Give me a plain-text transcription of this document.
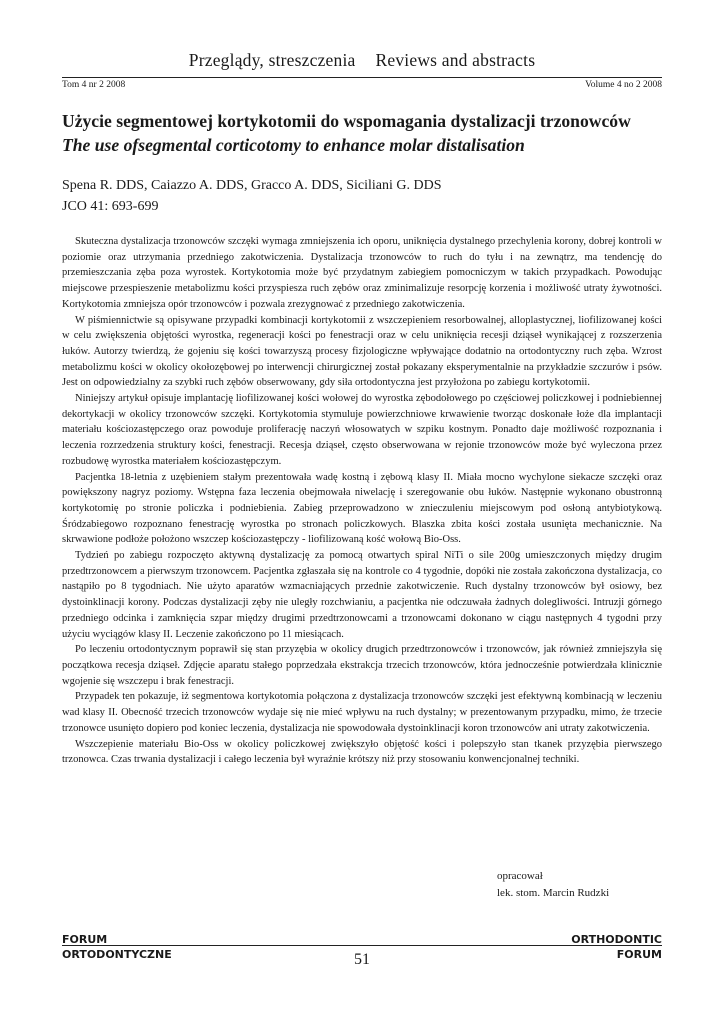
Przeglądy, streszczenia Reviews and abstracts
Tom 4 nr 2 2008	Volume 4 no 2 2008
Użycie segmentowej kortykotomii do wspomagania dystalizacji trzonowców
The use ofsegmental corticotomy to enhance molar distalisation
Spena R. DDS, Caiazzo A. DDS, Gracco A. DDS, Siciliani G. DDS
JCO 41: 693-699

Skuteczna dystalizacja trzonowców szczęki wymaga zmniejszenia ich oporu, uniknięcia dystalnego przechylenia korony, dobrej kontroli w poziomie oraz utrzymania przedniego zakotwiczenia. Dystalizacja trzonowców to ruch do tyłu i na zewnątrz, ma tendencję do przemieszczania zęba poza wyrostek. Kortykotomia może być przydatnym zabiegiem pomocniczym w takich przypadkach. Powodując miejscowe przespieszenie metabolizmu kości przyspiesza ruch zębów oraz zminimalizuje resorpcję korzenia i możliwość utraty żywotności. Kortykotomia zmniejsza opór trzonowców i pozwala zrezygnować z przedniego zakotwiczenia.

W piśmiennictwie są opisywane przypadki kombinacji kortykotomii z wszczepieniem resorbowalnej, alloplastycznej, liofilizowanej kości w celu zwiększenia objętości wyrostka, regeneracji kości po fenestracji oraz w celu uniknięcia recesji dziąseł wynikającej z rozszerzenia łuków. Autorzy twierdzą, że gojeniu się kości towarzyszą procesy fizjologiczne wpływające dodatnio na ortodontyczny ruch zęba. Wzrost metabolizmu kości w okolicy okołozębowej po interwencji chirurgicznej został pokazany eksperymentalnie na przykładzie szczurów i psów. Jest on odpowiedzialny za szybki ruch zębów obserwowany, gdy siła ortodontyczna jest przyłożona po zabiegu kortykotomii.

Niniejszy artykuł opisuje implantację liofilizowanej kości wołowej do wyrostka zębodołowego po częściowej policzkowej i podniebiennej dekortykacji w okolicy trzonowców szczęki. Kortykotomia stymuluje powierzchniowe krwawienie tworząc doskonałe łoże dla implantacji materiału kościozastępczego oraz powoduje proliferację naczyń włosowatych w szpiku kostnym. Ponadto daje możliwość rozpoznania i leczenia rozrzedzenia struktury kości, fenestracji. Recesja dziąseł, często obserwowana w rejonie trzonowców może być wyleczona przez rozbudowę wyrostka materiałem kościozastępczym.

Pacjentka 18-letnia z uzębieniem stałym prezentowała wadę kostną i zębową klasy II. Miała mocno wychylone siekacze szczęki oraz powiększony nagryz poziomy. Wstępna faza leczenia obejmowała niwelację i szeregowanie obu łuków. Następnie wykonano obustronną kortykotomię po stronie policzka i podniebienia. Zabieg przeprowadzono w znieczuleniu miejscowym pod osłoną antybiotykową. Śródzabiegowo rozpoznano fenestrację wyrostka po stronach policzkowych. Blaszka zbita kości została usunięta mechanicznie. Na skrwawione podłoże położono wszczep kościozastępczy - liofilizowaną kość wołową Bio-Oss.

Tydzień po zabiegu rozpoczęto aktywną dystalizację za pomocą otwartych spiral NiTi o sile 200g umieszczonych między drugim przedtrzonowcem a pierwszym trzonowcem. Pacjentka zgłaszała się na kontrole co 4 tygodnie, dopóki nie została zakończona dystalizacja, co nastąpiło po 8 tygodniach. Nie użyto aparatów wzmacniających przednie zakotwiczenie. Ruch dystalny trzonowców był osiowy, bez dystoinklinacji korony. Podczas dystalizacji zęby nie uległy rozchwianiu, a pacjentka nie odczuwała żadnych dolegliwości. Intruzji górnego przedniego odcinka i zamknięcia szpar między drugimi przedtrzonowcami a trzonowcami dokonano w ciągu następnych 4 tygodni przy użyciu wyciągów klasy II. Leczenie zakończono po 11 miesiącach.

Po leczeniu ortodontycznym poprawił się stan przyzębia w okolicy drugich przedtrzonowców i trzonowców, jak również zmniejszyła się początkowa recesja dziąseł. Zdjęcie aparatu stałego poprzedzała ekstrakcja trzecich trzonowców, która jednocześnie potwierdzała klinicznie wgojenie się wszczepu i brak fenestracji.

Przypadek ten pokazuje, iż segmentowa kortykotomia połączona z dystalizacja trzonowców szczęki jest efektywną kombinacją w leczeniu wad klasy II. Obecność trzecich trzonowców wydaje się nie mieć wpływu na ruch dystalny; w prezentowanym przypadku, mimo, że trzecie trzonowce usunięto dopiero pod koniec leczenia, dystalizacja nie spowodowała dystoinklinacji koron trzonowców ani utraty zakotwiczenia.

Wszczepienie materiału Bio-Oss w okolicy policzkowej zwiększyło objętość kości i polepszyło stan tkanek przyzębia pierwszego trzonowca. Czas trwania dystalizacji i całego leczenia był wyraźnie krótszy niż przy stosowaniu konwencjonalnej techniki.

opracował
lek. stom. Marcin Rudzki
FORUM
ORTODONTYCZNE
ORTHODONTIC
FORUM
51
